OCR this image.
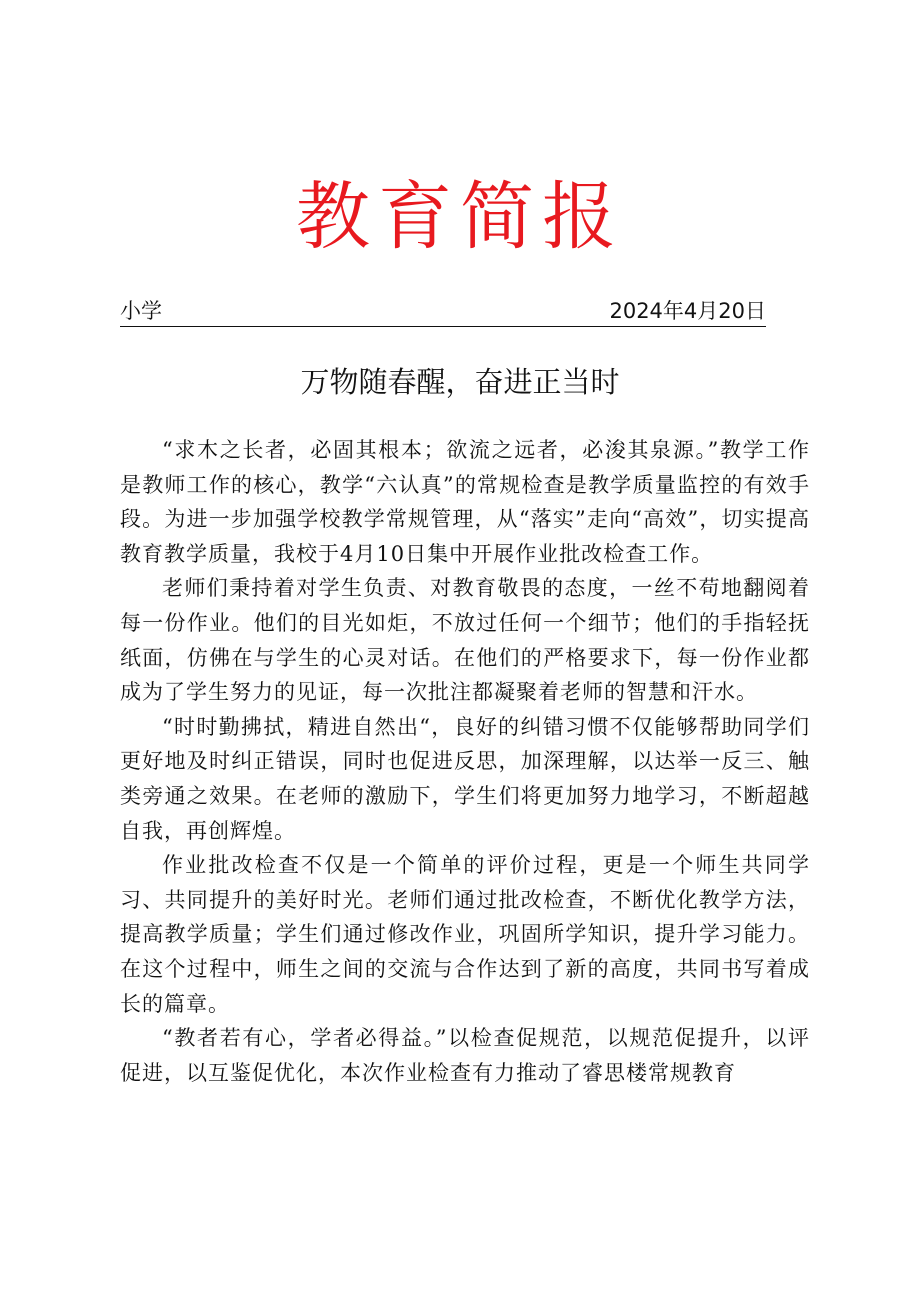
教育简报
小学	2024年4月20日
万物随春醒，奋进正当时

“求木之长者，必固其根本；欲流之远者，必浚其泉源。”教学工作是教师工作的核心，教学“六认真”的常规检查是教学质量监控的有效手段。为进一步加强学校教学常规管理，从“落实”走向“高效”，切实提高教育教学质量，我校于4月10日集中开展作业批改检查工作。

老师们秉持着对学生负责、对教育敬畏的态度，一丝不苟地翻阅着每一份作业。他们的目光如炬，不放过任何一个细节；他们的手指轻抚纸面，仿佛在与学生的心灵对话。在他们的严格要求下，每一份作业都成为了学生努力的见证，每一次批注都凝聚着老师的智慧和汗水。

“时时勤拂拭，精进自然出“，良好的纠错习惯不仅能够帮助同学们更好地及时纠正错误，同时也促进反思，加深理解，以达举一反三、触类旁通之效果。在老师的激励下，学生们将更加努力地学习，不断超越自我，再创辉煌。

作业批改检查不仅是一个简单的评价过程，更是一个师生共同学习、共同提升的美好时光。老师们通过批改检查，不断优化教学方法，提高教学质量；学生们通过修改作业，巩固所学知识，提升学习能力。在这个过程中，师生之间的交流与合作达到了新的高度，共同书写着成长的篇章。

“教者若有心，学者必得益。”以检查促规范，以规范促提升，以评促进，以互鉴促优化，本次作业检查有力推动了睿思楼常规教育
